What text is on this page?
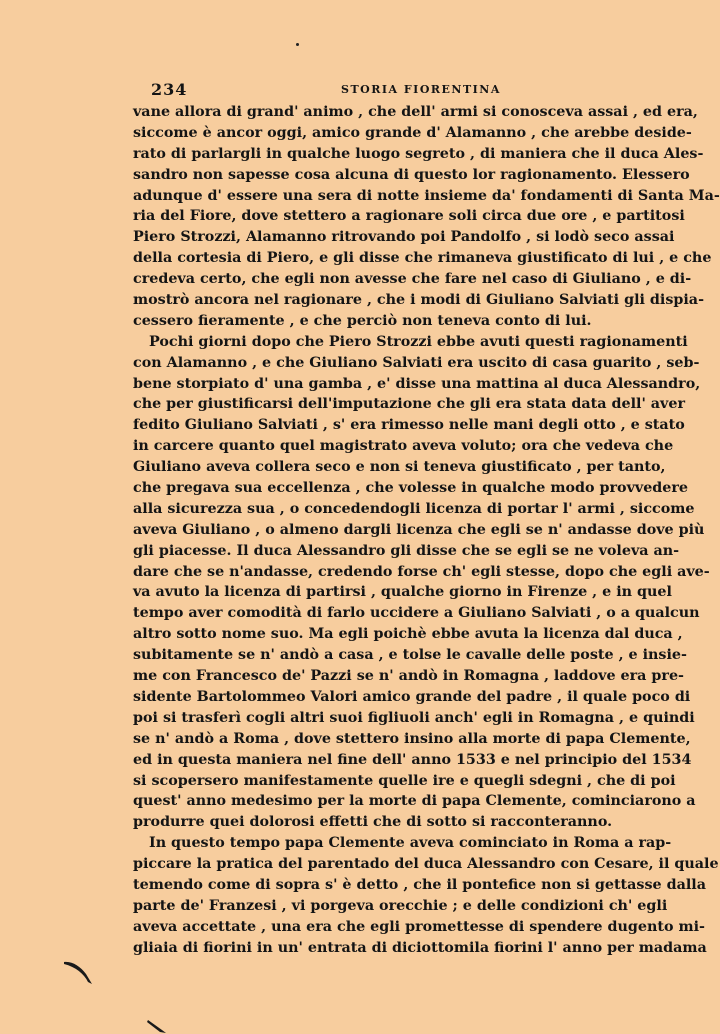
234	STORIA FIORENTINA
vane allora di grand' animo , che dell' armi si conosceva assai , ed era,
siccome è ancor oggi, amico grande d' Alamanno , che arebbe deside-
rato di parlargli in qualche luogo segreto , di maniera che il duca Ales-
sandro non sapesse cosa alcuna di questo lor ragionamento. Elessero
adunque d' essere una sera di notte insieme da' fondamenti di Santa Ma-
ria del Fiore, dove stettero a ragionare soli circa due ore , e partitosi
Piero Strozzi, Alamanno ritrovando poi Pandolfo , si lodò seco assai
della cortesia di Piero, e gli disse che rimaneva giustificato di lui , e che
credeva certo, che egli non avesse che fare nel caso di Giuliano , e di-
mostrò ancora nel ragionare , che i modi di Giuliano Salviati gli dispia-
cessero fieramente , e che perciò non teneva conto di lui.
Pochi giorni dopo che Piero Strozzi ebbe avuti questi ragionamenti
con Alamanno , e che Giuliano Salviati era uscito di casa guarito , seb-
bene storpiato d' una gamba , e' disse una mattina al duca Alessandro,
che per giustificarsi dell'imputazione che gli era stata data dell' aver
fedito Giuliano Salviati , s' era rimesso nelle mani degli otto , e stato
in carcere quanto quel magistrato aveva voluto; ora che vedeva che
Giuliano aveva collera seco e non si teneva giustificato , per tanto,
che pregava sua eccellenza , che volesse in qualche modo provvedere
alla sicurezza sua , o concedendogli licenza di portar l' armi , siccome
aveva Giuliano , o almeno dargli licenza che egli se n' andasse dove più
gli piacesse. Il duca Alessandro gli disse che se egli se ne voleva an-
dare che se n'andasse, credendo forse ch' egli stesse, dopo che egli ave-
va avuto la licenza di partirsi , qualche giorno in Firenze , e in quel
tempo aver comodità di farlo uccidere a Giuliano Salviati , o a qualcun
altro sotto nome suo. Ma egli poichè ebbe avuta la licenza dal duca ,
subitamente se n' andò a casa , e tolse le cavalle delle poste , e insie-
me con Francesco de' Pazzi se n' andò in Romagna , laddove era pre-
sidente Bartolommeo Valori amico grande del padre , il quale poco di
poi si trasferì cogli altri suoi figliuoli anch' egli in Romagna , e quindi
se n' andò a Roma , dove stettero insino alla morte di papa Clemente,
ed in questa maniera nel fine dell' anno 1533 e nel principio del 1534
si scopersero manifestamente quelle ire e quegli sdegni , che di poi
quest' anno medesimo per la morte di papa Clemente, cominciarono a
produrre quei dolorosi effetti che di sotto si racconteranno.
In questo tempo papa Clemente aveva cominciato in Roma a rap-
piccare la pratica del parentado del duca Alessandro con Cesare, il quale
temendo come di sopra s' è detto , che il pontefice non si gettasse dalla
parte de' Franzesi , vi porgeva orecchie ; e delle condizioni ch' egli
aveva accettate , una era che egli promettesse di spendere dugento mi-
gliaia di fiorini in un' entrata di diciottomila fiorini l' anno per madama
